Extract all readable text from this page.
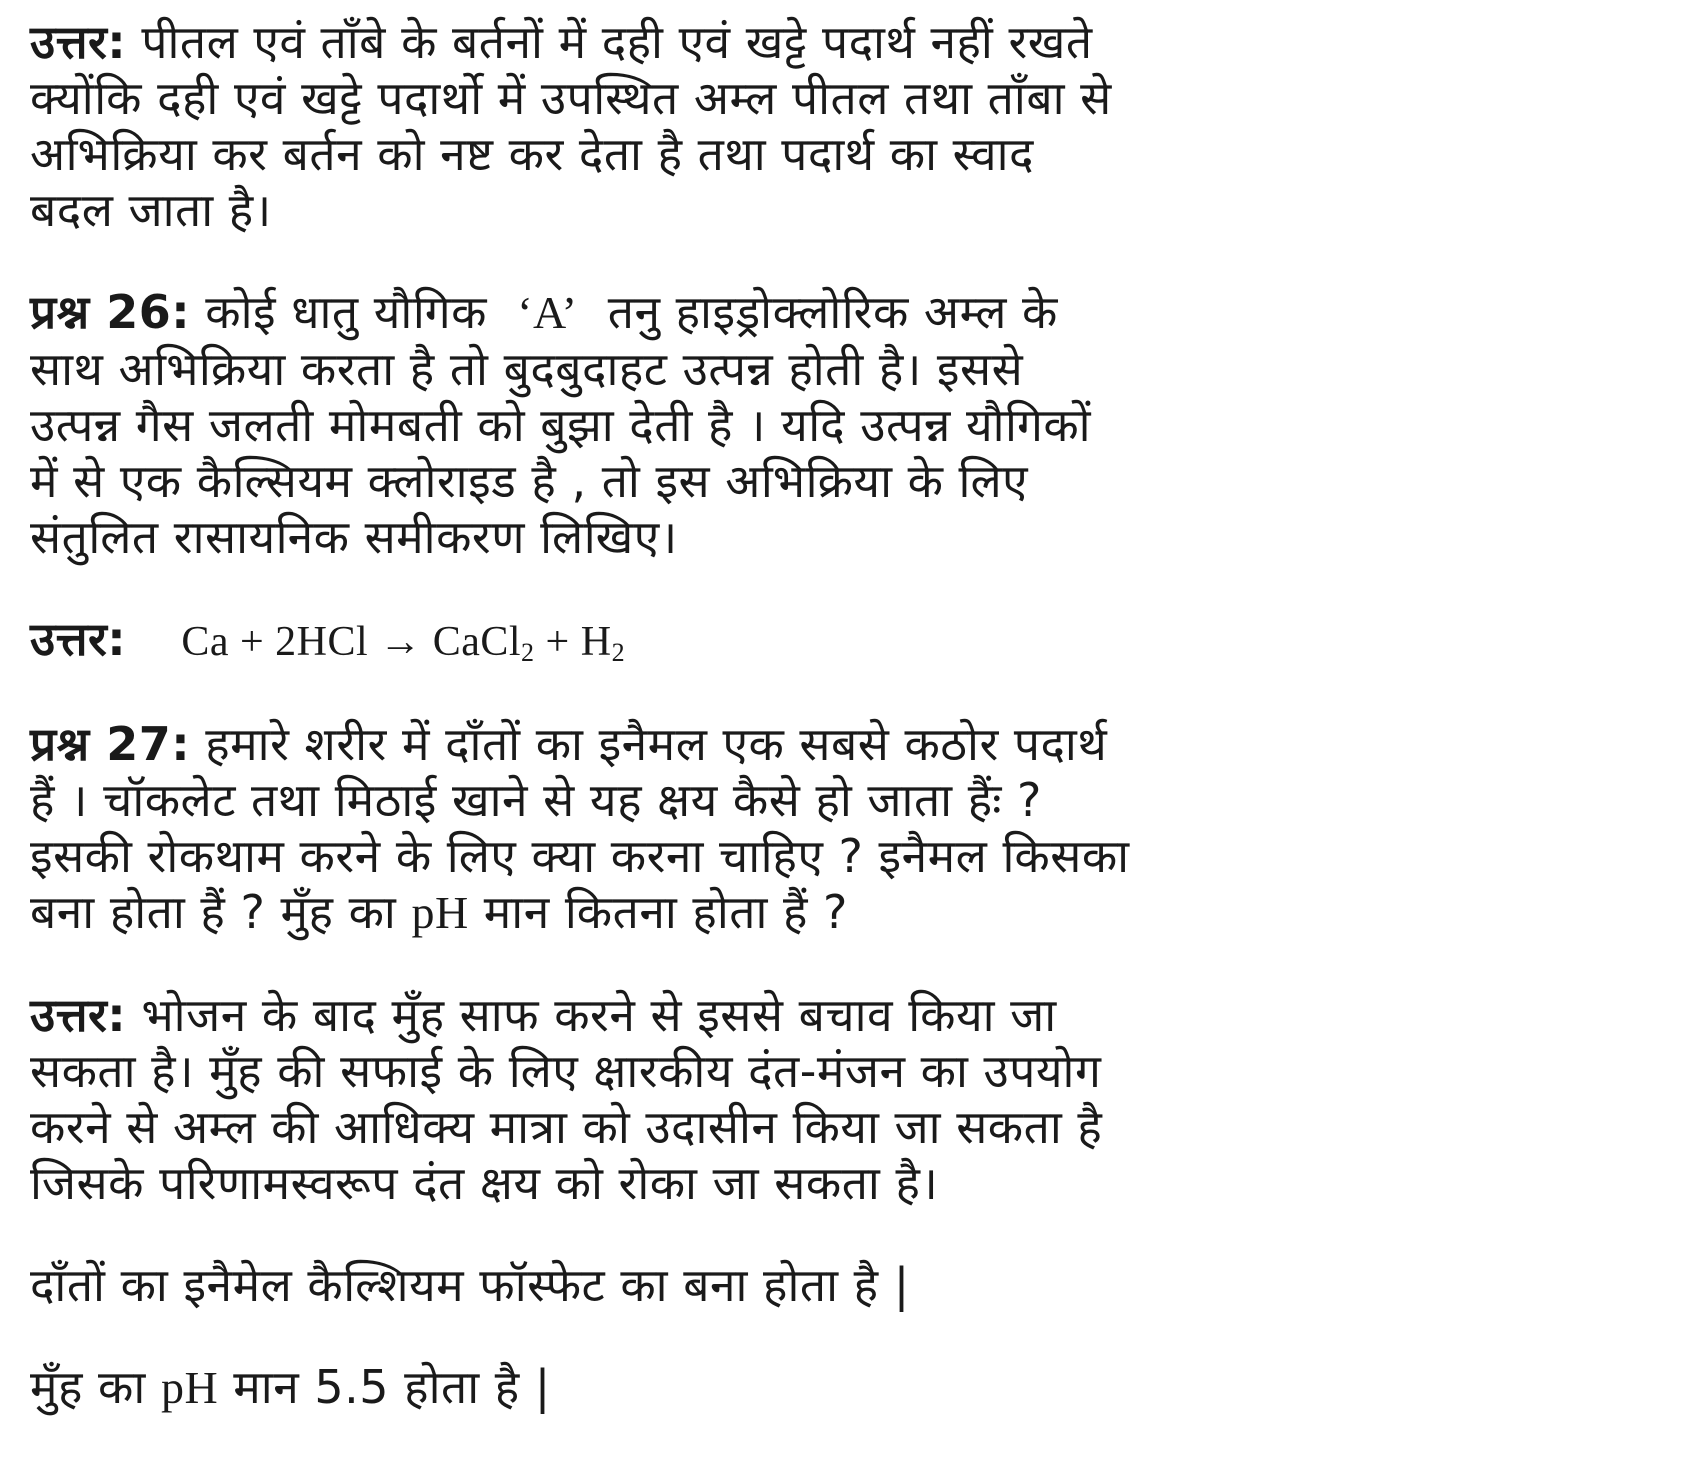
उत्तर: पीतल एवं ताँबे के बर्तनों में दही एवं खट्टे पदार्थ नहीं रखते

क्योंकि दही एवं खट्टे पदार्थो में उपस्थित अम्ल पीतल तथा ताँबा से

अभिक्रिया कर बर्तन को नष्ट कर देता है तथा पदार्थ का स्वाद

बदल जाता है।

प्रश्न 26: कोई धातु यौगिक ‘A’ तनु हाइड्रोक्लोरिक अम्ल के

साथ अभिक्रिया करता है तो बुदबुदाहट उत्पन्न होती है। इससे

उत्पन्न गैस जलती मोमबती को बुझा देती है । यदि उत्पन्न यौगिकों

में से एक कैल्सियम क्लोराइड है , तो इस अभिक्रिया के लिए

संतुलित रासायनिक समीकरण लिखिए।

उत्तर: Ca + 2HCl → CaCl$_2$ + $H_2$

प्रश्न 27: हमारे शरीर में दाँतों का इनैमल एक सबसे कठोर पदार्थ

हैं । चॉकलेट तथा मिठाई खाने से यह क्षय कैसे हो जाता हैंः ?

इसकी रोकथाम करने के लिए क्या करना चाहिए ? इनैमल किसका

बना होता हैं ? मुँह का pH मान कितना होता हैं ?

उत्तर: भोजन के बाद मुँह साफ करने से इससे बचाव किया जा

सकता है। मुँह की सफाई के लिए क्षारकीय दंत-मंजन का उपयोग

करने से अम्ल की आधिक्य मात्रा को उदासीन किया जा सकता है

जिसके परिणामस्वरूप दंत क्षय को रोका जा सकता है।

दाँतों का इनैमेल कैल्शियम फॉस्फेट का बना होता है |

मुँह का pH मान 5.5 होता है |
